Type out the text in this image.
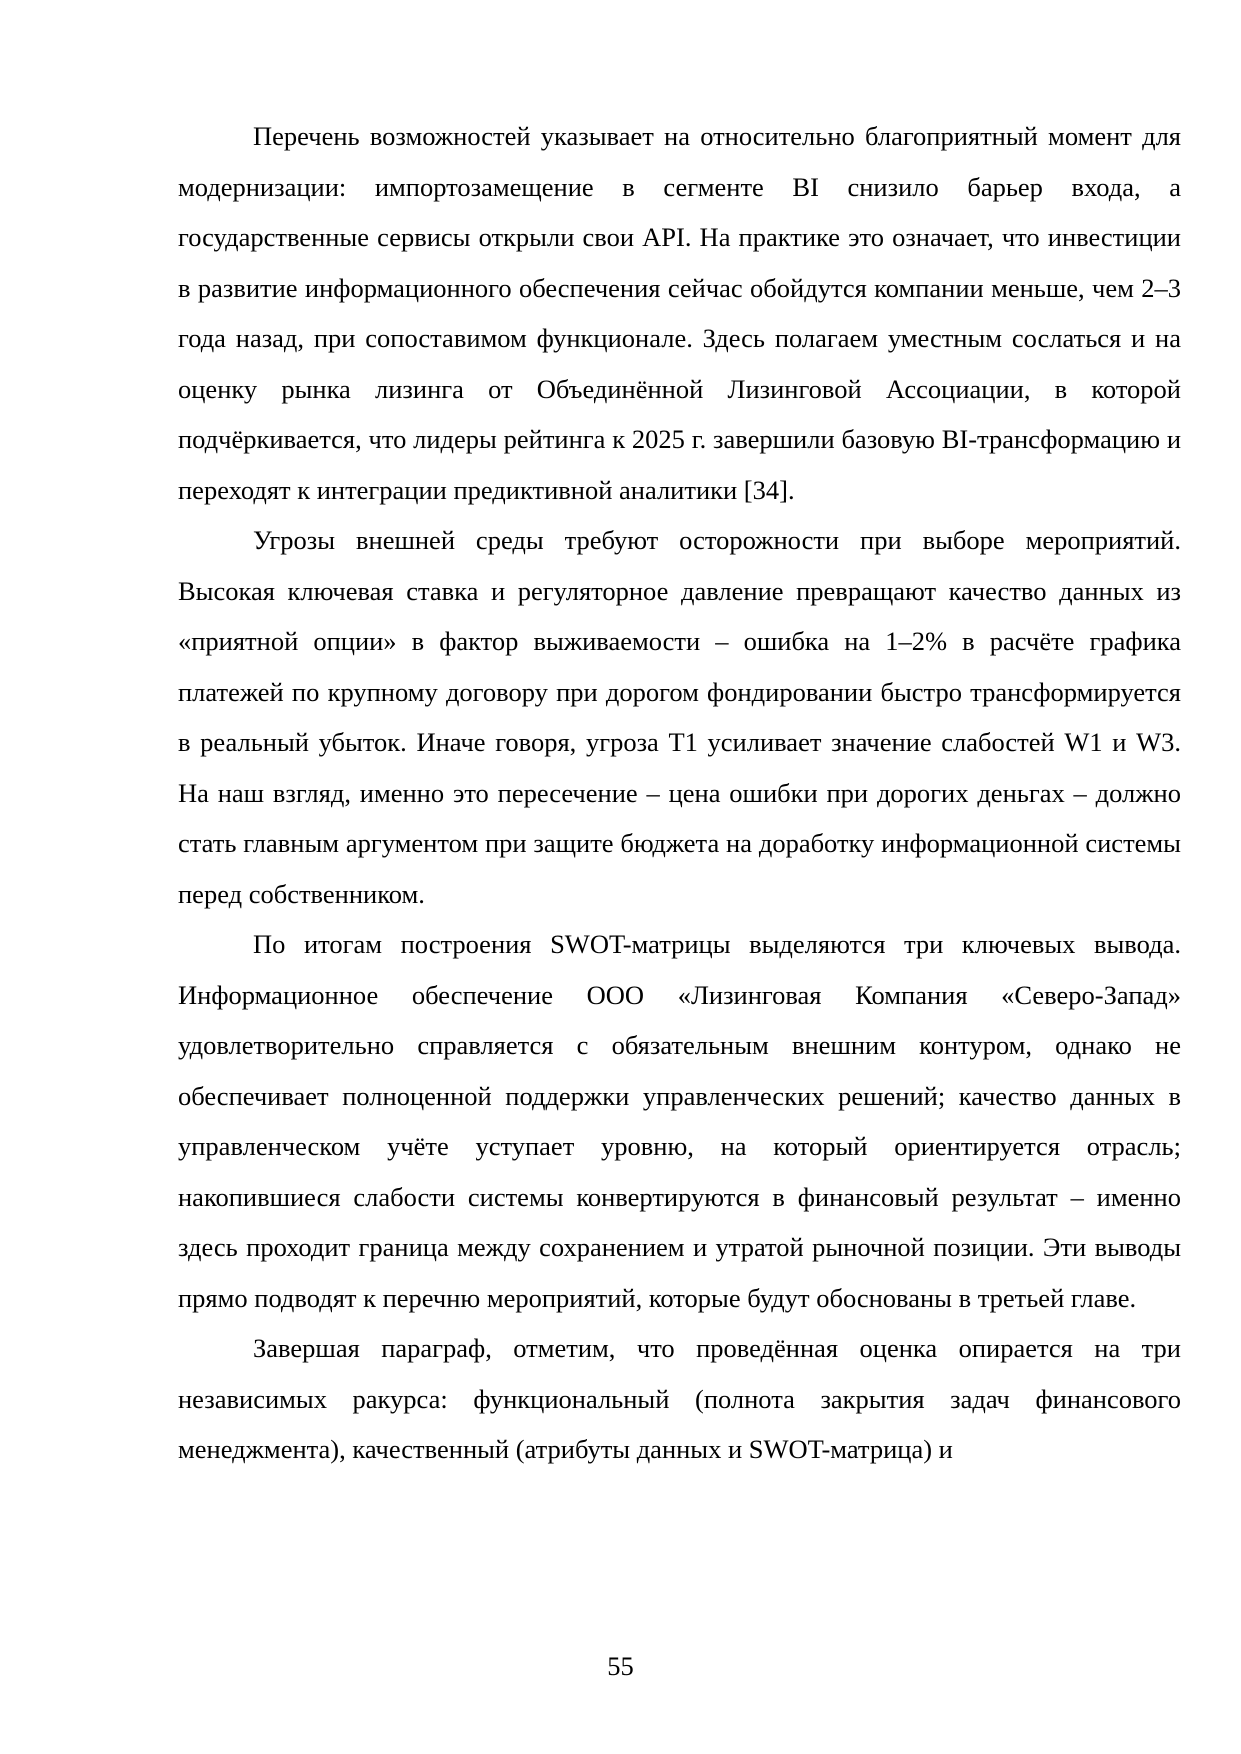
Перечень возможностей указывает на относительно благоприятный момент для модернизации: импортозамещение в сегменте BI снизило барьер входа, а государственные сервисы открыли свои API. На практике это означает, что инвестиции в развитие информационного обеспечения сейчас обойдутся компании меньше, чем 2–3 года назад, при сопоставимом функционале. Здесь полагаем уместным сослаться и на оценку рынка лизинга от Объединённой Лизинговой Ассоциации, в которой подчёркивается, что лидеры рейтинга к 2025 г. завершили базовую BI-трансформацию и переходят к интеграции предиктивной аналитики [34].

Угрозы внешней среды требуют осторожности при выборе мероприятий. Высокая ключевая ставка и регуляторное давление превращают качество данных из «приятной опции» в фактор выживаемости – ошибка на 1–2% в расчёте графика платежей по крупному договору при дорогом фондировании быстро трансформируется в реальный убыток. Иначе говоря, угроза T1 усиливает значение слабостей W1 и W3. На наш взгляд, именно это пересечение – цена ошибки при дорогих деньгах – должно стать главным аргументом при защите бюджета на доработку информационной системы перед собственником.

По итогам построения SWOT-матрицы выделяются три ключевых вывода. Информационное обеспечение ООО «Лизинговая Компания «Северо-Запад» удовлетворительно справляется с обязательным внешним контуром, однако не обеспечивает полноценной поддержки управленческих решений; качество данных в управленческом учёте уступает уровню, на который ориентируется отрасль; накопившиеся слабости системы конвертируются в финансовый результат – именно здесь проходит граница между сохранением и утратой рыночной позиции. Эти выводы прямо подводят к перечню мероприятий, которые будут обоснованы в третьей главе.

Завершая параграф, отметим, что проведённая оценка опирается на три независимых ракурса: функциональный (полнота закрытия задач финансового менеджмента), качественный (атрибуты данных и SWOT-матрица) и

55
